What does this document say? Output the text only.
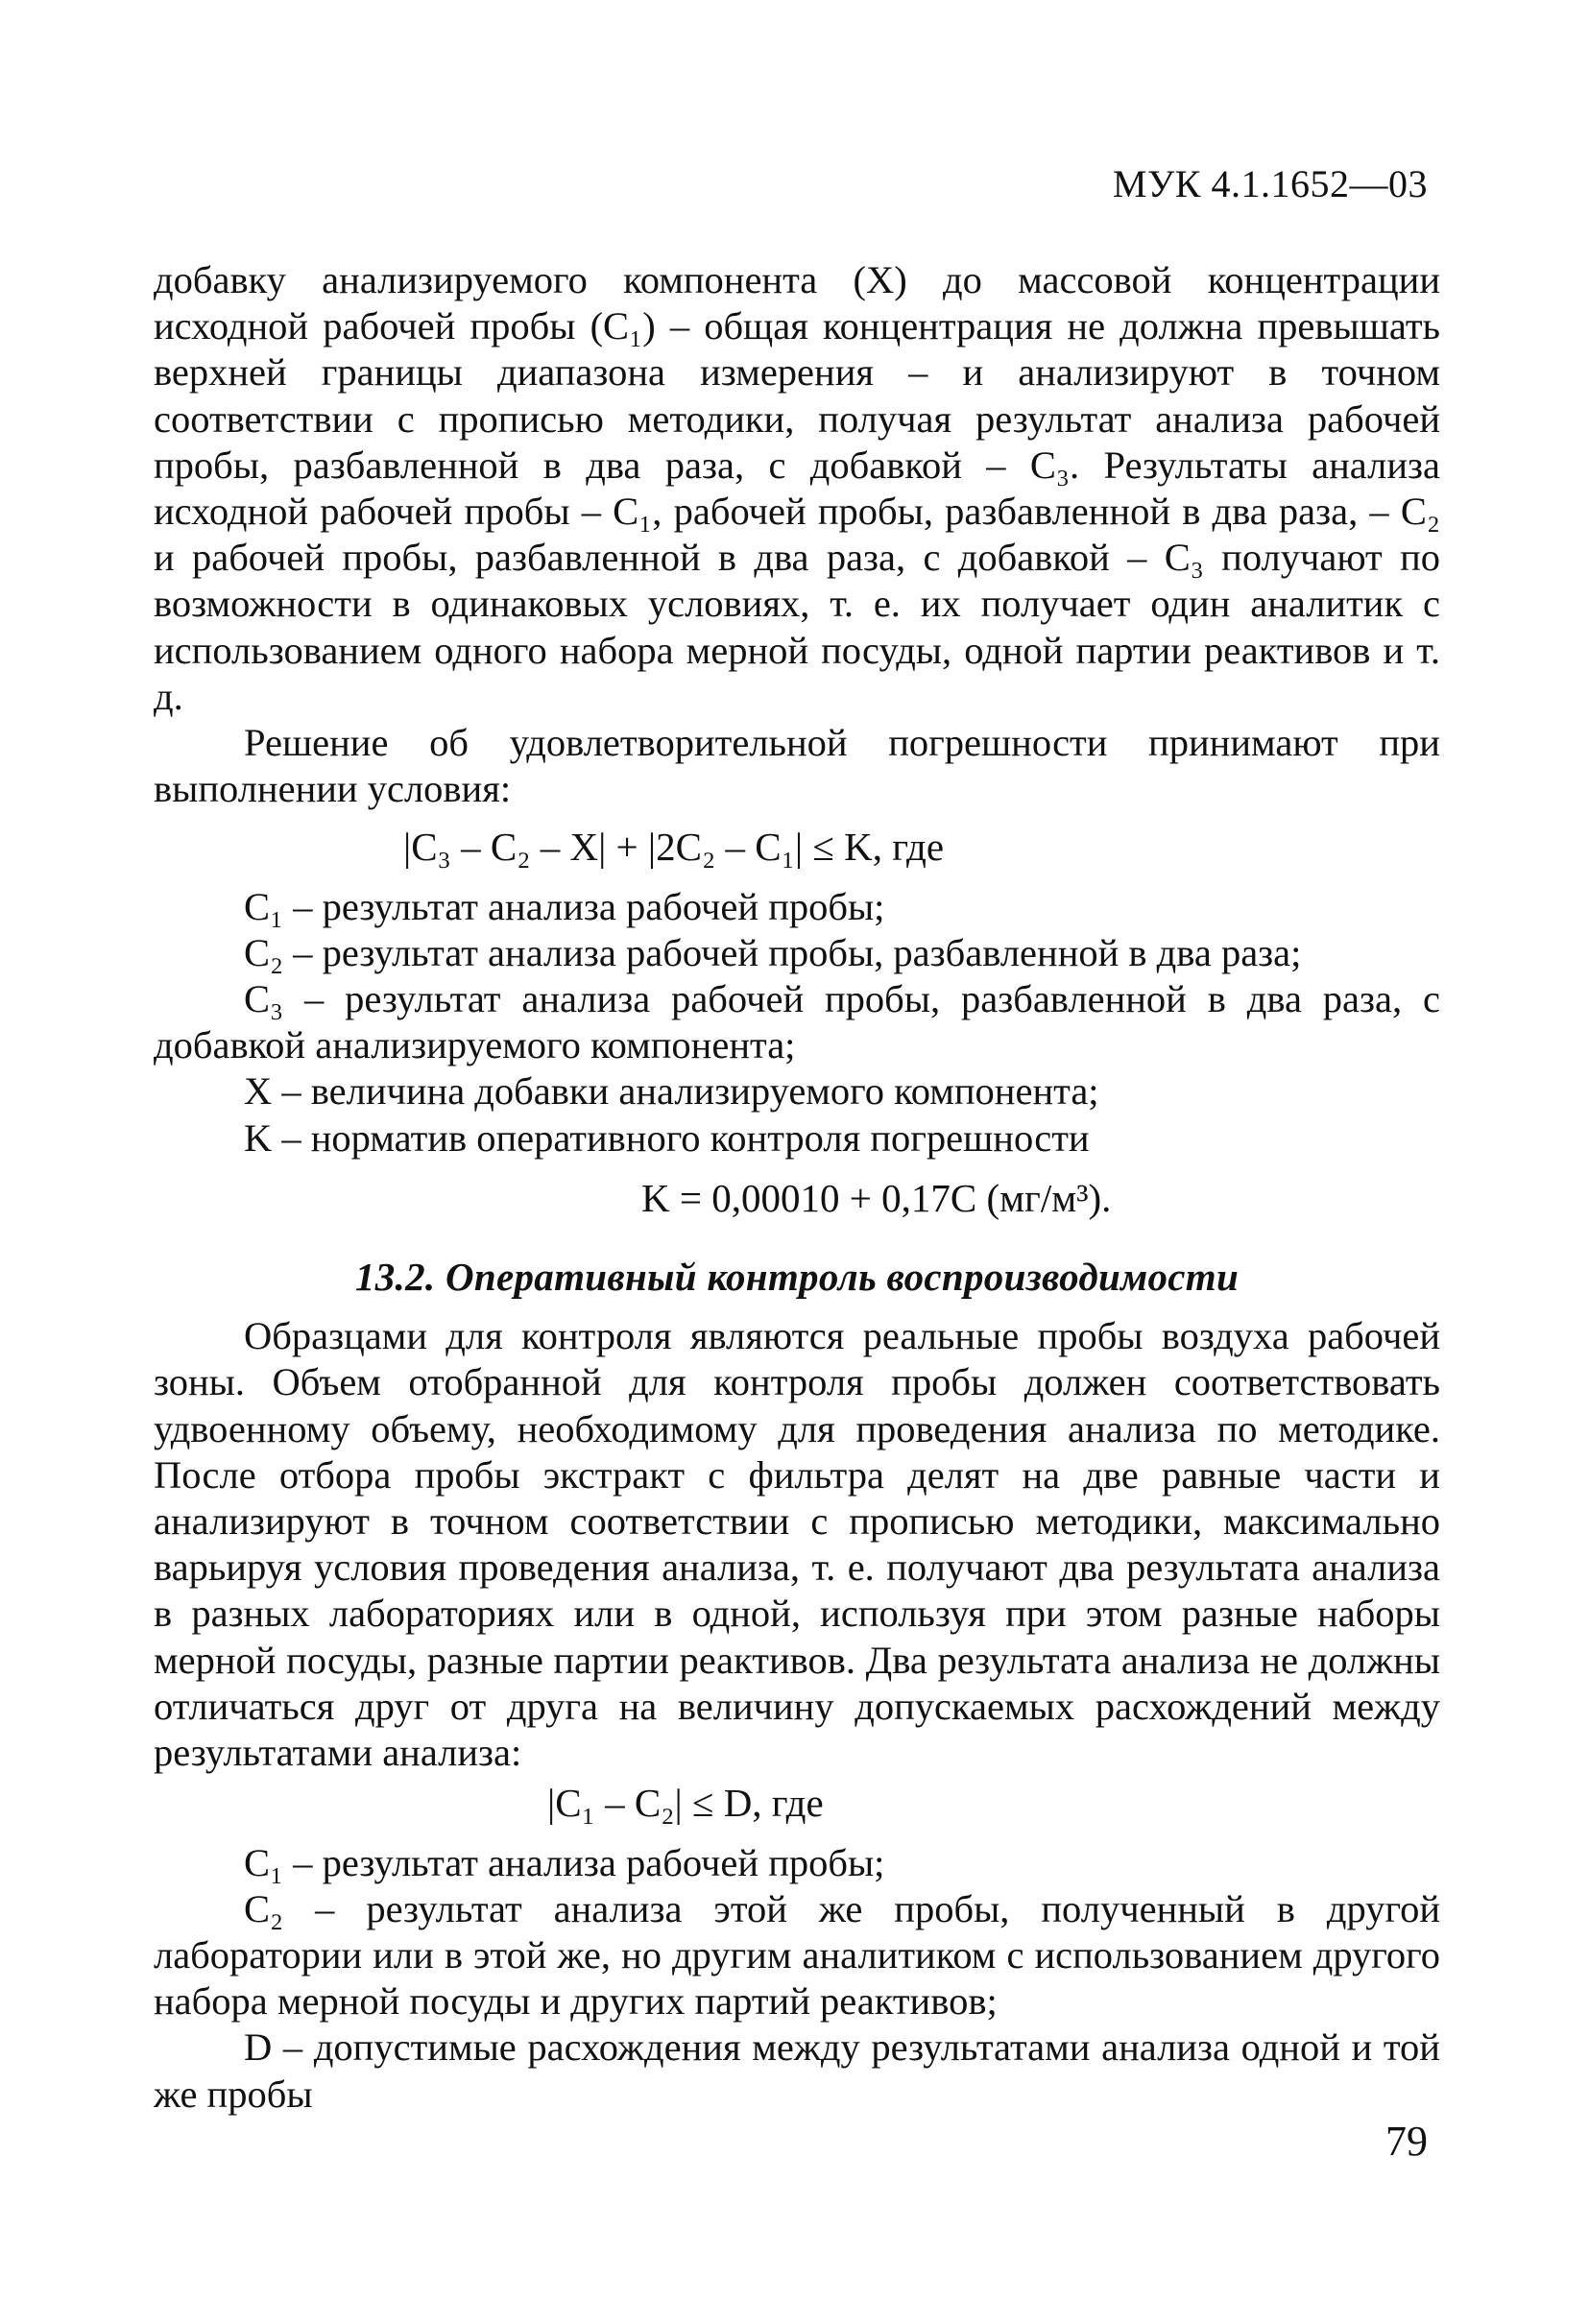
МУК 4.1.1652—03

добавку анализируемого компонента (X) до массовой концентрации исходной рабочей пробы (C₁) – общая концентрация не должна превышать верхней границы диапазона измерения – и анализируют в точном соответствии с прописью методики, получая результат анализа рабочей пробы, разбавленной в два раза, с добавкой – C₃. Результаты анализа исходной рабочей пробы – C₁, рабочей пробы, разбавленной в два раза, – C₂ и рабочей пробы, разбавленной в два раза, с добавкой – C₃ получают по возможности в одинаковых условиях, т. е. их получает один аналитик с использованием одного набора мерной посуды, одной партии реактивов и т. д.

Решение об удовлетворительной погрешности принимают при выполнении условия:

|C₃ – C₂ – X| + |2C₂ – C₁| ≤ K, где

C₁ – результат анализа рабочей пробы;

C₂ – результат анализа рабочей пробы, разбавленной в два раза;

C₃ – результат анализа рабочей пробы, разбавленной в два раза, с добавкой анализируемого компонента;

X – величина добавки анализируемого компонента;

K – норматив оперативного контроля погрешности

K = 0,00010 + 0,17C (мг/м³).
13.2. Оперативный контроль воспроизводимости

Образцами для контроля являются реальные пробы воздуха рабочей зоны. Объем отобранной для контроля пробы должен соответствовать удвоенному объему, необходимому для проведения анализа по методике. После отбора пробы экстракт с фильтра делят на две равные части и анализируют в точном соответствии с прописью методики, максимально варьируя условия проведения анализа, т. е. получают два результата анализа в разных лабораториях или в одной, используя при этом разные наборы мерной посуды, разные партии реактивов. Два результата анализа не должны отличаться друг от друга на величину допускаемых расхождений между результатами анализа:

|C₁ – C₂| ≤ D, где

C₁ – результат анализа рабочей пробы;

C₂ – результат анализа этой же пробы, полученный в другой лаборатории или в этой же, но другим аналитиком с использованием другого набора мерной посуды и других партий реактивов;

D – допустимые расхождения между результатами анализа одной и той же пробы

79
